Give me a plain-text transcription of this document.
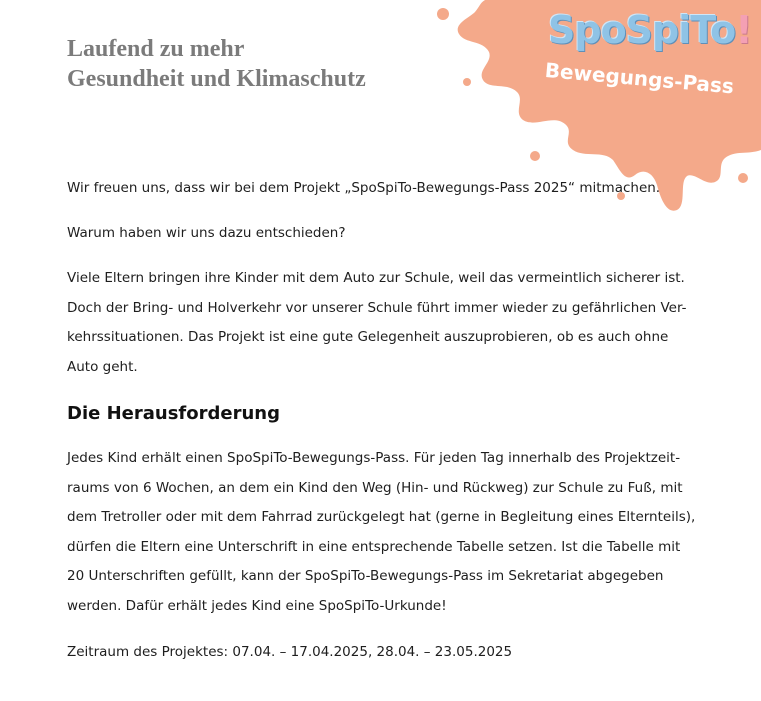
SpoSpiTo!
Bewegungs-Pass
Laufend zu mehr
Gesundheit und Klimaschutz

Wir freuen uns, dass wir bei dem Projekt „SpoSpiTo-Bewegungs-Pass 2025“ mitmachen.

Warum haben wir uns dazu entschieden?

Viele Eltern bringen ihre Kinder mit dem Auto zur Schule, weil das vermeintlich sicherer ist.
Doch der Bring- und Holverkehr vor unserer Schule führt immer wieder zu gefährlichen Ver-
kehrssituationen. Das Projekt ist eine gute Gelegenheit auszuprobieren, ob es auch ohne
Auto geht.

Die Herausforderung

Jedes Kind erhält einen SpoSpiTo-Bewegungs-Pass. Für jeden Tag innerhalb des Projektzeit-
raums von 6 Wochen, an dem ein Kind den Weg (Hin- und Rückweg) zur Schule zu Fuß, mit
dem Tretroller oder mit dem Fahrrad zurückgelegt hat (gerne in Begleitung eines Elternteils),
dürfen die Eltern eine Unterschrift in eine entsprechende Tabelle setzen. Ist die Tabelle mit
20 Unterschriften gefüllt, kann der SpoSpiTo-Bewegungs-Pass im Sekretariat abgegeben
werden. Dafür erhält jedes Kind eine SpoSpiTo-Urkunde!

Zeitraum des Projektes: 07.04. – 17.04.2025, 28.04. – 23.05.2025
